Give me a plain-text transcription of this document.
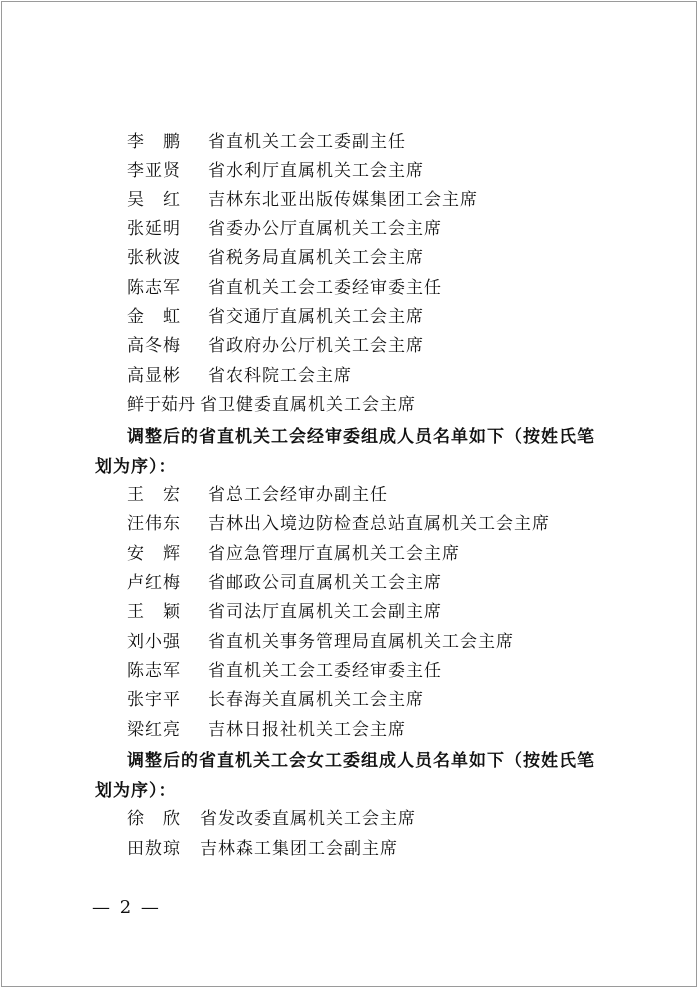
李　鹏 省直机关工会工委副主任
李亚贤 省水利厅直属机关工会主席
吴　红 吉林东北亚出版传媒集团工会主席
张延明 省委办公厅直属机关工会主席
张秋波 省税务局直属机关工会主席
陈志军 省直机关工会工委经审委主任
金　虹 省交通厅直属机关工会主席
高冬梅 省政府办公厅机关工会主席
高显彬 省农科院工会主席
鲜于茹丹 省卫健委直属机关工会主席
调整后的省直机关工会经审委组成人员名单如下（按姓氏笔
划为序）：
王　宏 省总工会经审办副主任
汪伟东 吉林出入境边防检查总站直属机关工会主席
安　辉 省应急管理厅直属机关工会主席
卢红梅 省邮政公司直属机关工会主席
王　颖 省司法厅直属机关工会副主席
刘小强 省直机关事务管理局直属机关工会主席
陈志军 省直机关工会工委经审委主任
张宇平 长春海关直属机关工会主席
梁红亮 吉林日报社机关工会主席
调整后的省直机关工会女工委组成人员名单如下（按姓氏笔
划为序）：
徐　欣 省发改委直属机关工会主席
田敖琼 吉林森工集团工会副主席
— 2 —
